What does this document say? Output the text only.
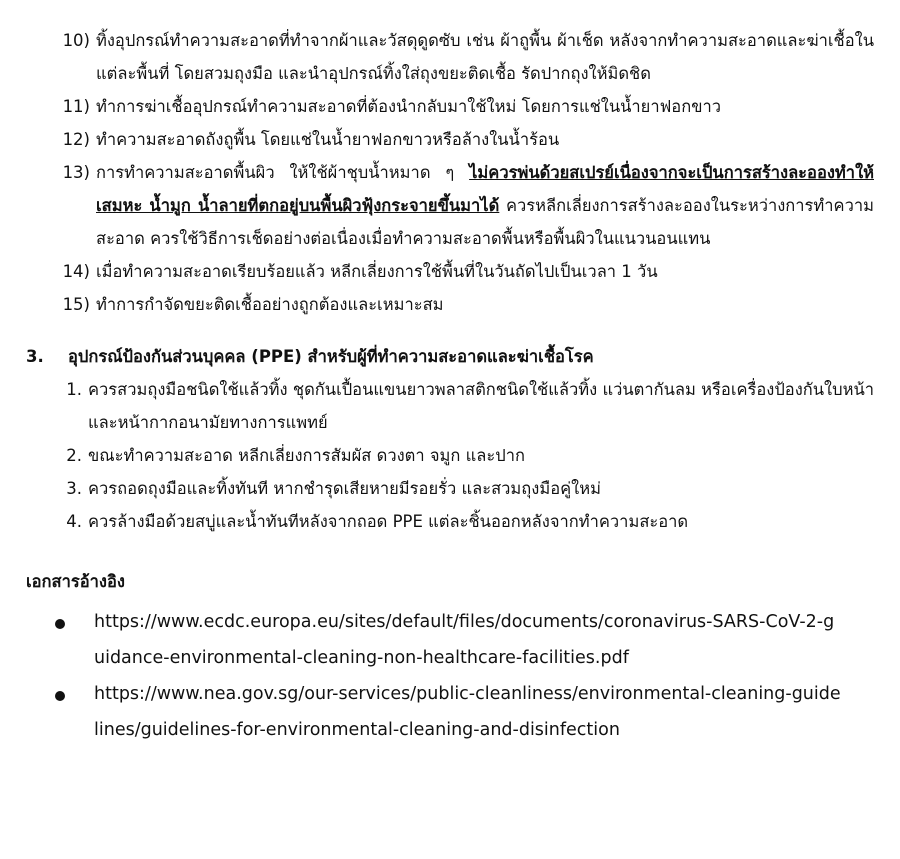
10) ทิ้งอุปกรณ์ทำความสะอาดที่ทำจากผ้าและวัสดุดูดซับ เช่น ผ้าถูพื้น ผ้าเช็ด หลังจากทำความสะอาดและฆ่าเชื้อในแต่ละพื้นที่ โดยสวมถุงมือ และนำอุปกรณ์ทิ้งใส่ถุงขยะติดเชื้อ รัดปากถุงให้มิดชิด
11) ทำการฆ่าเชื้ออุปกรณ์ทำความสะอาดที่ต้องนำกลับมาใช้ใหม่ โดยการแช่ในน้ำยาฟอกขาว
12) ทำความสะอาดถังถูพื้น โดยแช่ในน้ำยาฟอกขาวหรือล้างในน้ำร้อน
13) การทำความสะอาดพื้นผิว ให้ใช้ผ้าชุบน้ำหมาด ๆ ไม่ควรพ่นด้วยสเปรย์เนื่องจากจะเป็นการสร้างละอองทำให้เสมหะ น้ำมูก น้ำลายที่ตกอยู่บนพื้นผิวฟุ้งกระจายขึ้นมาได้ ควรหลีกเลี่ยงการสร้างละอองในระหว่างการทำความสะอาด ควรใช้วิธีการเช็ดอย่างต่อเนื่องเมื่อทำความสะอาดพื้นหรือพื้นผิวในแนวนอนแทน
14) เมื่อทำความสะอาดเรียบร้อยแล้ว หลีกเลี่ยงการใช้พื้นที่ในวันถัดไปเป็นเวลา 1 วัน
15) ทำการกำจัดขยะติดเชื้ออย่างถูกต้องและเหมาะสม
3.	อุปกรณ์ป้องกันส่วนบุคคล (PPE) สำหรับผู้ที่ทำความสะอาดและฆ่าเชื้อโรค
1. ควรสวมถุงมือชนิดใช้แล้วทิ้ง ชุดกันเปื้อนแขนยาวพลาสติกชนิดใช้แล้วทิ้ง แว่นตากันลม หรือเครื่องป้องกันใบหน้า และหน้ากากอนามัยทางการแพทย์
2. ขณะทำความสะอาด หลีกเลี่ยงการสัมผัส ดวงตา จมูก และปาก
3. ควรถอดถุงมือและทิ้งทันที หากชำรุดเสียหายมีรอยรั่ว และสวมถุงมือคู่ใหม่
4. ควรล้างมือด้วยสบู่และน้ำทันทีหลังจากถอด PPE แต่ละชิ้นออกหลังจากทำความสะอาด
เอกสารอ้างอิง
https://www.ecdc.europa.eu/sites/default/files/documents/coronavirus-SARS-CoV-2-guidance-environmental-cleaning-non-healthcare-facilities.pdf
https://www.nea.gov.sg/our-services/public-cleanliness/environmental-cleaning-guidelines/guidelines-for-environmental-cleaning-and-disinfection
